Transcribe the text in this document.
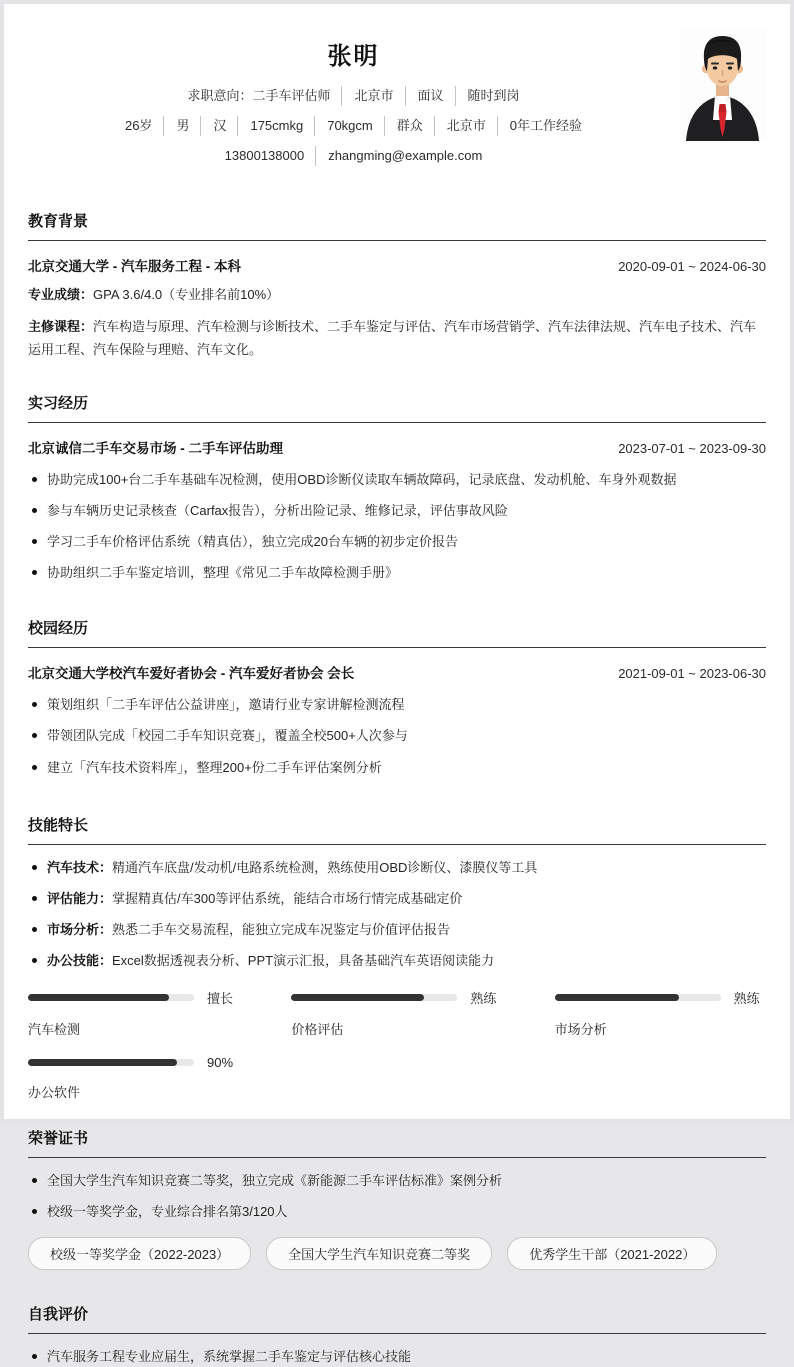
张明
求职意向：二手车评估师 北京市 面议 随时到岗
26岁 男 汉 175cmkg 70kgcm 群众 北京市 0年工作经验
13800138000 zhangming@example.com
教育背景
北京交通大学 - 汽车服务工程 - 本科	2020-09-01 ~ 2024-06-30

专业成绩：GPA 3.6/4.0（专业排名前10%）

主修课程：汽车构造与原理、汽车检测与诊断技术、二手车鉴定与评估、汽车市场营销学、汽车法律法规、汽车电子技术、汽车运用工程、汽车保险与理赔、汽车文化。

实习经历
北京诚信二手车交易市场 - 二手车评估助理	2023-07-01 ~ 2023-09-30
协助完成100+台二手车基础车况检测，使用OBD诊断仪读取车辆故障码，记录底盘、发动机舱、车身外观数据
参与车辆历史记录核查（Carfax报告），分析出险记录、维修记录，评估事故风险
学习二手车价格评估系统（精真估），独立完成20台车辆的初步定价报告
协助组织二手车鉴定培训，整理《常见二手车故障检测手册》
校园经历
北京交通大学校汽车爱好者协会 - 汽车爱好者协会 会长	2021-09-01 ~ 2023-06-30
策划组织「二手车评估公益讲座」，邀请行业专家讲解检测流程
带领团队完成「校园二手车知识竞赛」，覆盖全校500+人次参与
建立「汽车技术资料库」，整理200+份二手车评估案例分析
技能特长
汽车技术：精通汽车底盘/发动机/电路系统检测，熟练使用OBD诊断仪、漆膜仪等工具
评估能力：掌握精真估/车300等评估系统，能结合市场行情完成基础定价
市场分析：熟悉二手车交易流程，能独立完成车况鉴定与价值评估报告
办公技能：Excel数据透视表分析、PPT演示汇报，具备基础汽车英语阅读能力
擅长
汽车检测
熟练
价格评估
熟练
市场分析
90%
办公软件
荣誉证书
全国大学生汽车知识竞赛二等奖，独立完成《新能源二手车评估标准》案例分析
校级一等奖学金，专业综合排名第3/120人
校级一等奖学金（2022-2023）	全国大学生汽车知识竞赛二等奖	优秀学生干部（2021-2022）
自我评价
汽车服务工程专业应届生，系统掌握二手车鉴定与评估核心技能
